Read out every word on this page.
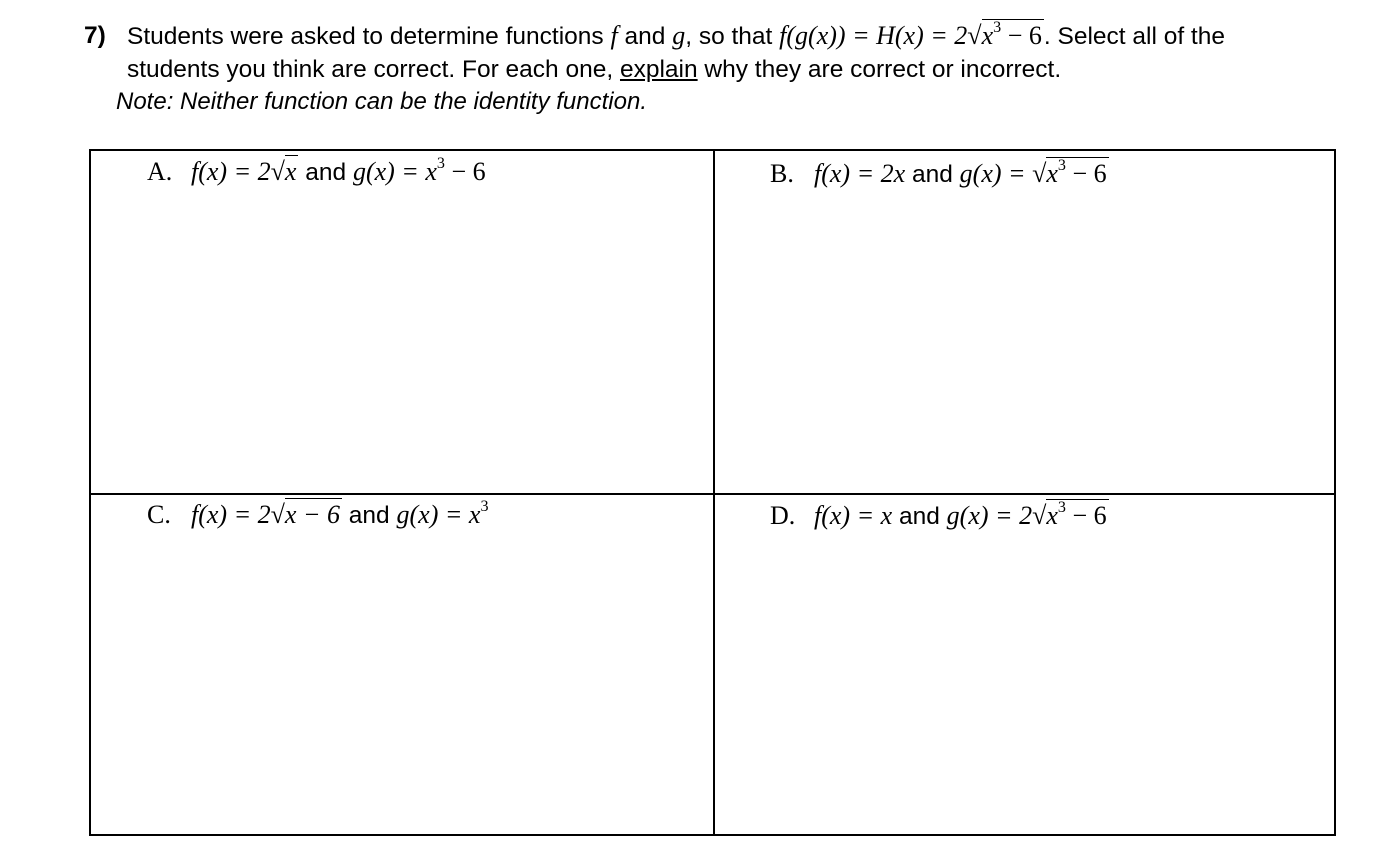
7) Students were asked to determine functions f and g, so that $f(g(x)) = H(x) = 2√x^3 - 6$. Select all of the
students you think are correct. For each one, explain why they are correct or incorrect.
Note: Neither function can be the identity function.
A. f(x) = 2√x and $g(x) = x^3 - 6$	B. f(x) = 2x and $g(x) = √x^3 - 6$
C. f(x) = 2√x − 6 and $g(x) = x^3$	D. f(x) = x and $g(x) = 2√x^3 - 6$
